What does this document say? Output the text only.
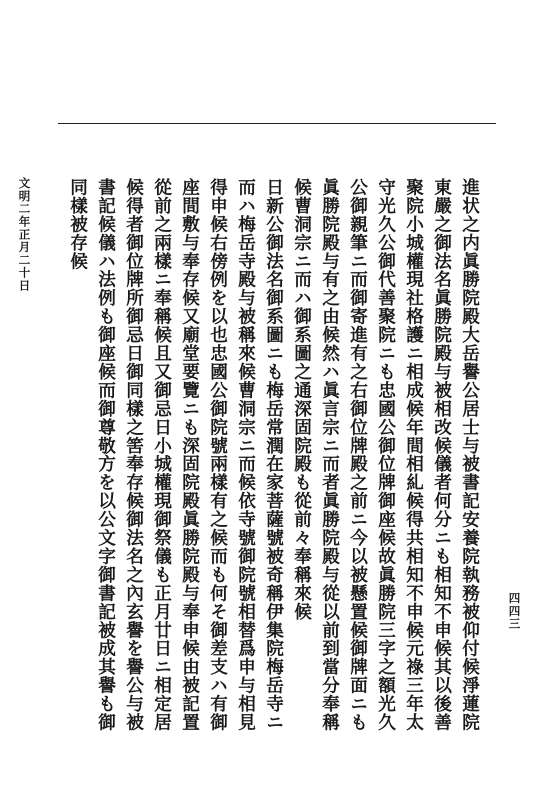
四四三
進状之内眞勝院殿大岳譽公居士与被書記安養院執務被仰付候淨蓮院
東嚴之御法名眞勝院殿与被相改候儀者何分ニも相知不申候其以後善
聚院小城權現社格護ニ相成候年間相糺候得共相知不申候元祿三年太
守光久公御代善聚院ニも忠國公御位牌御座候故眞勝院三字之額光久
公御親筆ニ而御寄進有之右御位牌殿之前ニ今以被懸置候御牌面ニも
眞勝院殿与有之由候然ハ眞言宗ニ而者眞勝院殿与從以前到當分奉稱
候曹洞宗ニ而ハ御系圖之通深固院殿も從前々奉稱來候
日新公御法名御系圖ニも梅岳常潤在家菩薩號被奇稱伊集院梅岳寺ニ
而ハ梅岳寺殿与被稱來候曹洞宗ニ而候依寺號御院號相替爲申与相見
得申候右傍例を以也忠國公御院號兩樣有之候而も何そ御差支ハ有御
座間敷与奉存候又廟堂要覽ニも深固院殿眞勝院殿与奉申候由被記置
從前之兩樣ニ奉稱候且又御忌日小城權現御祭儀も正月廿日ニ相定居
候得者御位牌所御忌日御同樣之筈奉存候御法名之內玄譽を譽公与被
書記候儀ハ法例も御座候而御尊敬方を以公文字御書記被成其譽も御
同樣被存候
文明二年正月二十日
